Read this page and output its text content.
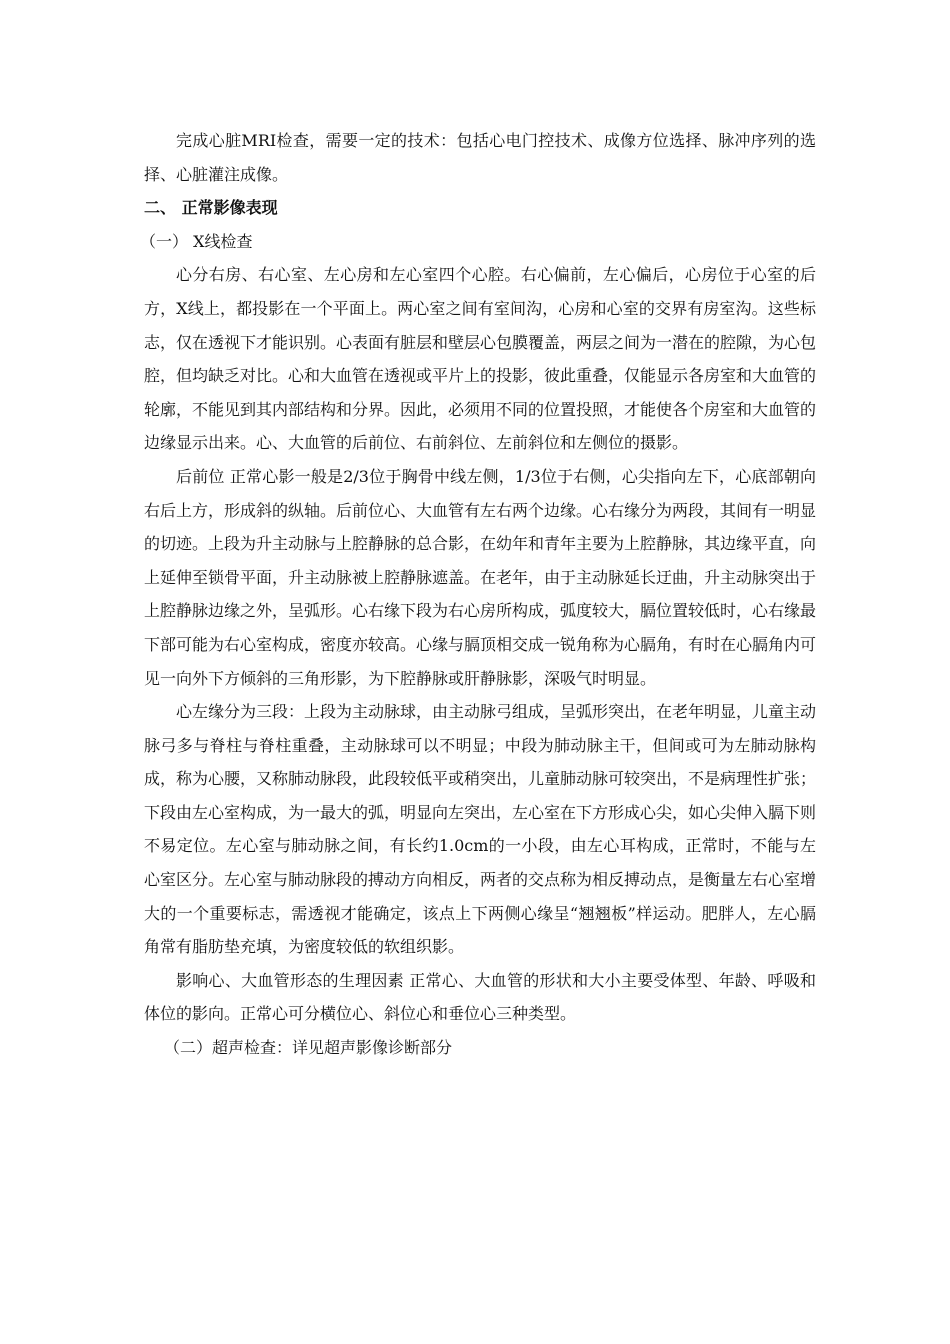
完成心脏MRI检查，需要一定的技术：包括心电门控技术、成像方位选择、脉冲序列的选择、心脏灌注成像。

二、 正常影像表现

（一） X线检查

心分右房、右心室、左心房和左心室四个心腔。右心偏前，左心偏后，心房位于心室的后方，X线上，都投影在一个平面上。两心室之间有室间沟，心房和心室的交界有房室沟。这些标志，仅在透视下才能识别。心表面有脏层和壁层心包膜覆盖，两层之间为一潜在的腔隙，为心包腔，但均缺乏对比。心和大血管在透视或平片上的投影，彼此重叠，仅能显示各房室和大血管的轮廓，不能见到其内部结构和分界。因此，必须用不同的位置投照，才能使各个房室和大血管的边缘显示出来。心、大血管的后前位、右前斜位、左前斜位和左侧位的摄影。

后前位 正常心影一般是2/3位于胸骨中线左侧，1/3位于右侧，心尖指向左下，心底部朝向右后上方，形成斜的纵轴。后前位心、大血管有左右两个边缘。心右缘分为两段，其间有一明显的切迹。上段为升主动脉与上腔静脉的总合影，在幼年和青年主要为上腔静脉，其边缘平直，向上延伸至锁骨平面，升主动脉被上腔静脉遮盖。在老年，由于主动脉延长迂曲，升主动脉突出于上腔静脉边缘之外，呈弧形。心右缘下段为右心房所构成，弧度较大，膈位置较低时，心右缘最下部可能为右心室构成，密度亦较高。心缘与膈顶相交成一锐角称为心膈角，有时在心膈角内可见一向外下方倾斜的三角形影，为下腔静脉或肝静脉影，深吸气时明显。

心左缘分为三段：上段为主动脉球，由主动脉弓组成，呈弧形突出，在老年明显，儿童主动脉弓多与脊柱与脊柱重叠，主动脉球可以不明显；中段为肺动脉主干，但间或可为左肺动脉构成，称为心腰，又称肺动脉段，此段较低平或稍突出，儿童肺动脉可较突出，不是病理性扩张；下段由左心室构成，为一最大的弧，明显向左突出，左心室在下方形成心尖，如心尖伸入膈下则不易定位。左心室与肺动脉之间，有长约1.0cm的一小段，由左心耳构成，正常时，不能与左心室区分。左心室与肺动脉段的搏动方向相反，两者的交点称为相反搏动点，是衡量左右心室增大的一个重要标志，需透视才能确定，该点上下两侧心缘呈“翘翘板”样运动。肥胖人，左心膈角常有脂肪垫充填，为密度较低的软组织影。

影响心、大血管形态的生理因素 正常心、大血管的形状和大小主要受体型、年龄、呼吸和体位的影向。正常心可分横位心、斜位心和垂位心三种类型。

（二）超声检查：详见超声影像诊断部分
